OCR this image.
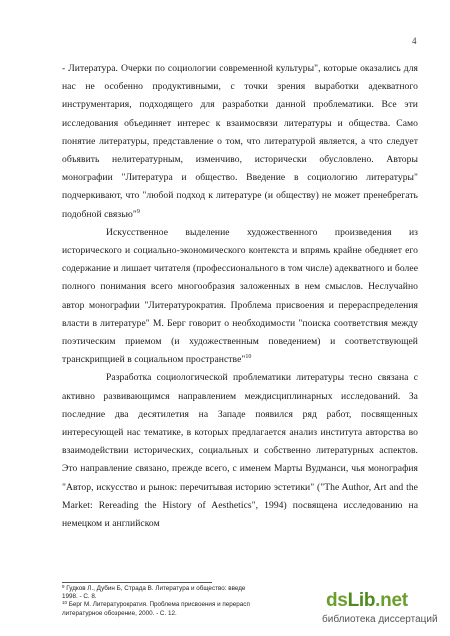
4

- Литература. Очерки по социологии современной культуры", которые оказались для нас не особенно продуктивными, с точки зрения выработки адекватного инструментария, подходящего для разработки данной проблематики. Все эти исследования объединяет интерес к взаимосвязи литературы и общества. Само понятие литературы, представление о том, что литературой является, а что следует объявить нелитературным, изменчиво, исторически обусловлено. Авторы монографии "Литература и общество. Введение в социологию литературы" подчеркивают, что "любой подход к литературе (и обществу) не может пренебрегать подобной связью"$^9$

Искусственное выделение художественного произведения из исторического и социально-экономического контекста и впрямь крайне обедняет его содержание и лишает читателя (профессионального в том числе) адекватного и более полного понимания всего многообразия заложенных в нем смыслов. Неслучайно автор монографии "Литературократия. Проблема присвоения и перераспределения власти в литературе" М. Берг говорит о необходимости "поиска соответствия между поэтическим приемом (и художественным поведением) и соответствующей транскрипцией в социальном пространстве"$^{10}$

Разработка социологической проблематики литературы тесно связана с активно развивающимся направлением междисциплинарных исследований. За последние два десятилетия на Западе появился ряд работ, посвященных интересующей нас тематике, в которых предлагается анализ института авторства во взаимодействии исторических, социальных и собственно литературных аспектов. Это направление связано, прежде всего, с именем Марты Вудманси, чья монография "Автор, искусство и рынок: перечитывая историю эстетики" ("The Author, Art and the Market: Rereading the History of Aesthetics", 1994) посвящена исследованию на немецком и английском

$^9$ Гудков Л., Дубин Б, Страда В. Литература и общество: введе
1998. - С. 8.
$^{10}$ Берг М. Литературократия. Проблема присвоения и перерасп
литературное обозрение, 2000. - С. 12.
dsLib.net
библиотека диссертаций
